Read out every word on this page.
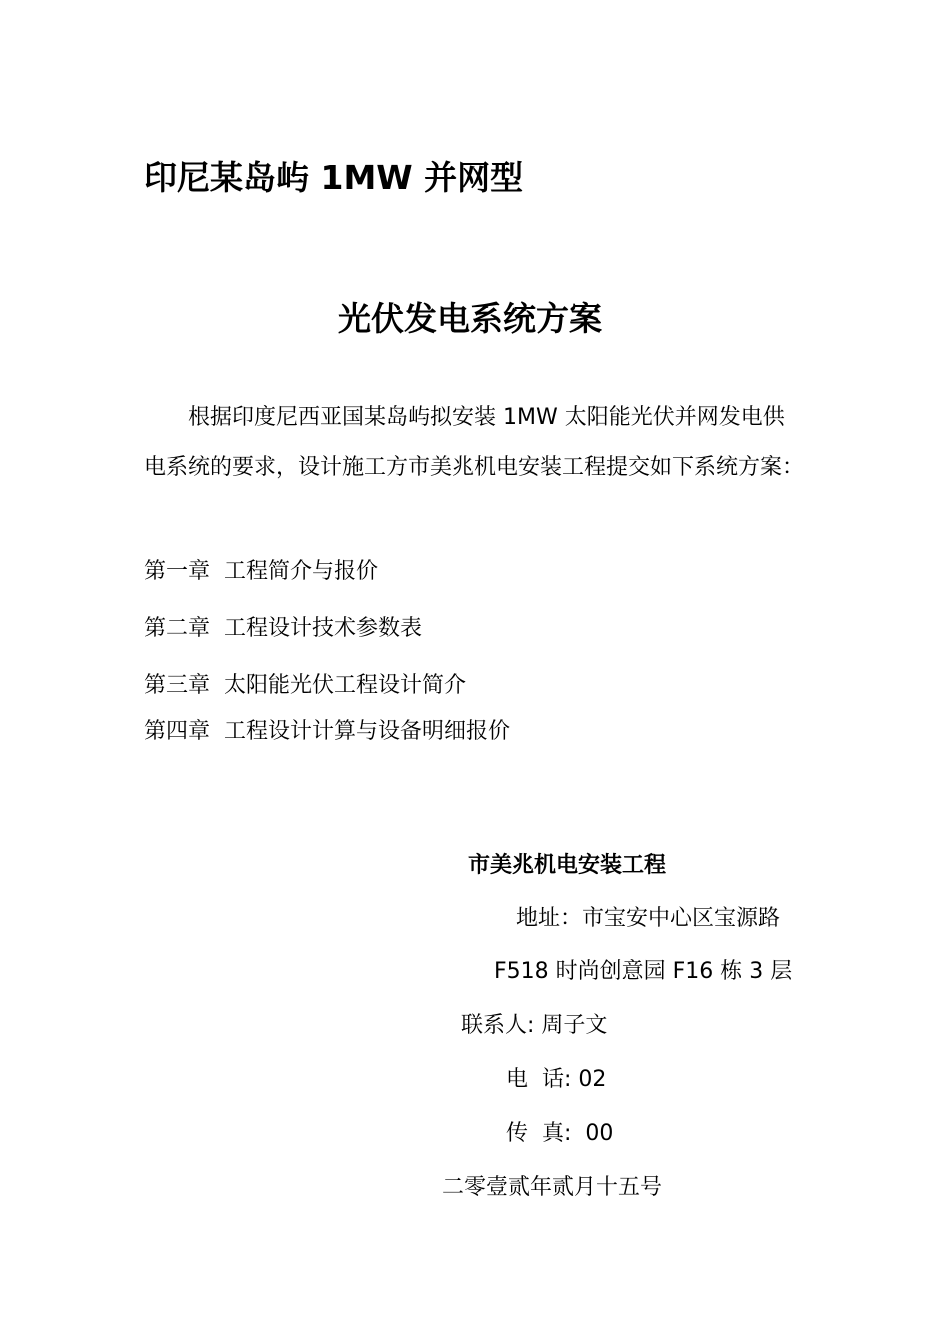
印尼某岛屿 1MW 并网型
光伏发电系统方案
根据印度尼西亚国某岛屿拟安装 1MW 太阳能光伏并网发电供
电系统的要求，设计施工方市美兆机电安装工程提交如下系统方案：
第一章 工程简介与报价
第二章 工程设计技术参数表
第三章 太阳能光伏工程设计简介
第四章 工程设计计算与设备明细报价
市美兆机电安装工程
地址：市宝安中心区宝源路
F518 时尚创意园 F16 栋 3 层
联系人: 周子文
电  话: 02
传  真:  00
二零壹贰年贰月十五号
